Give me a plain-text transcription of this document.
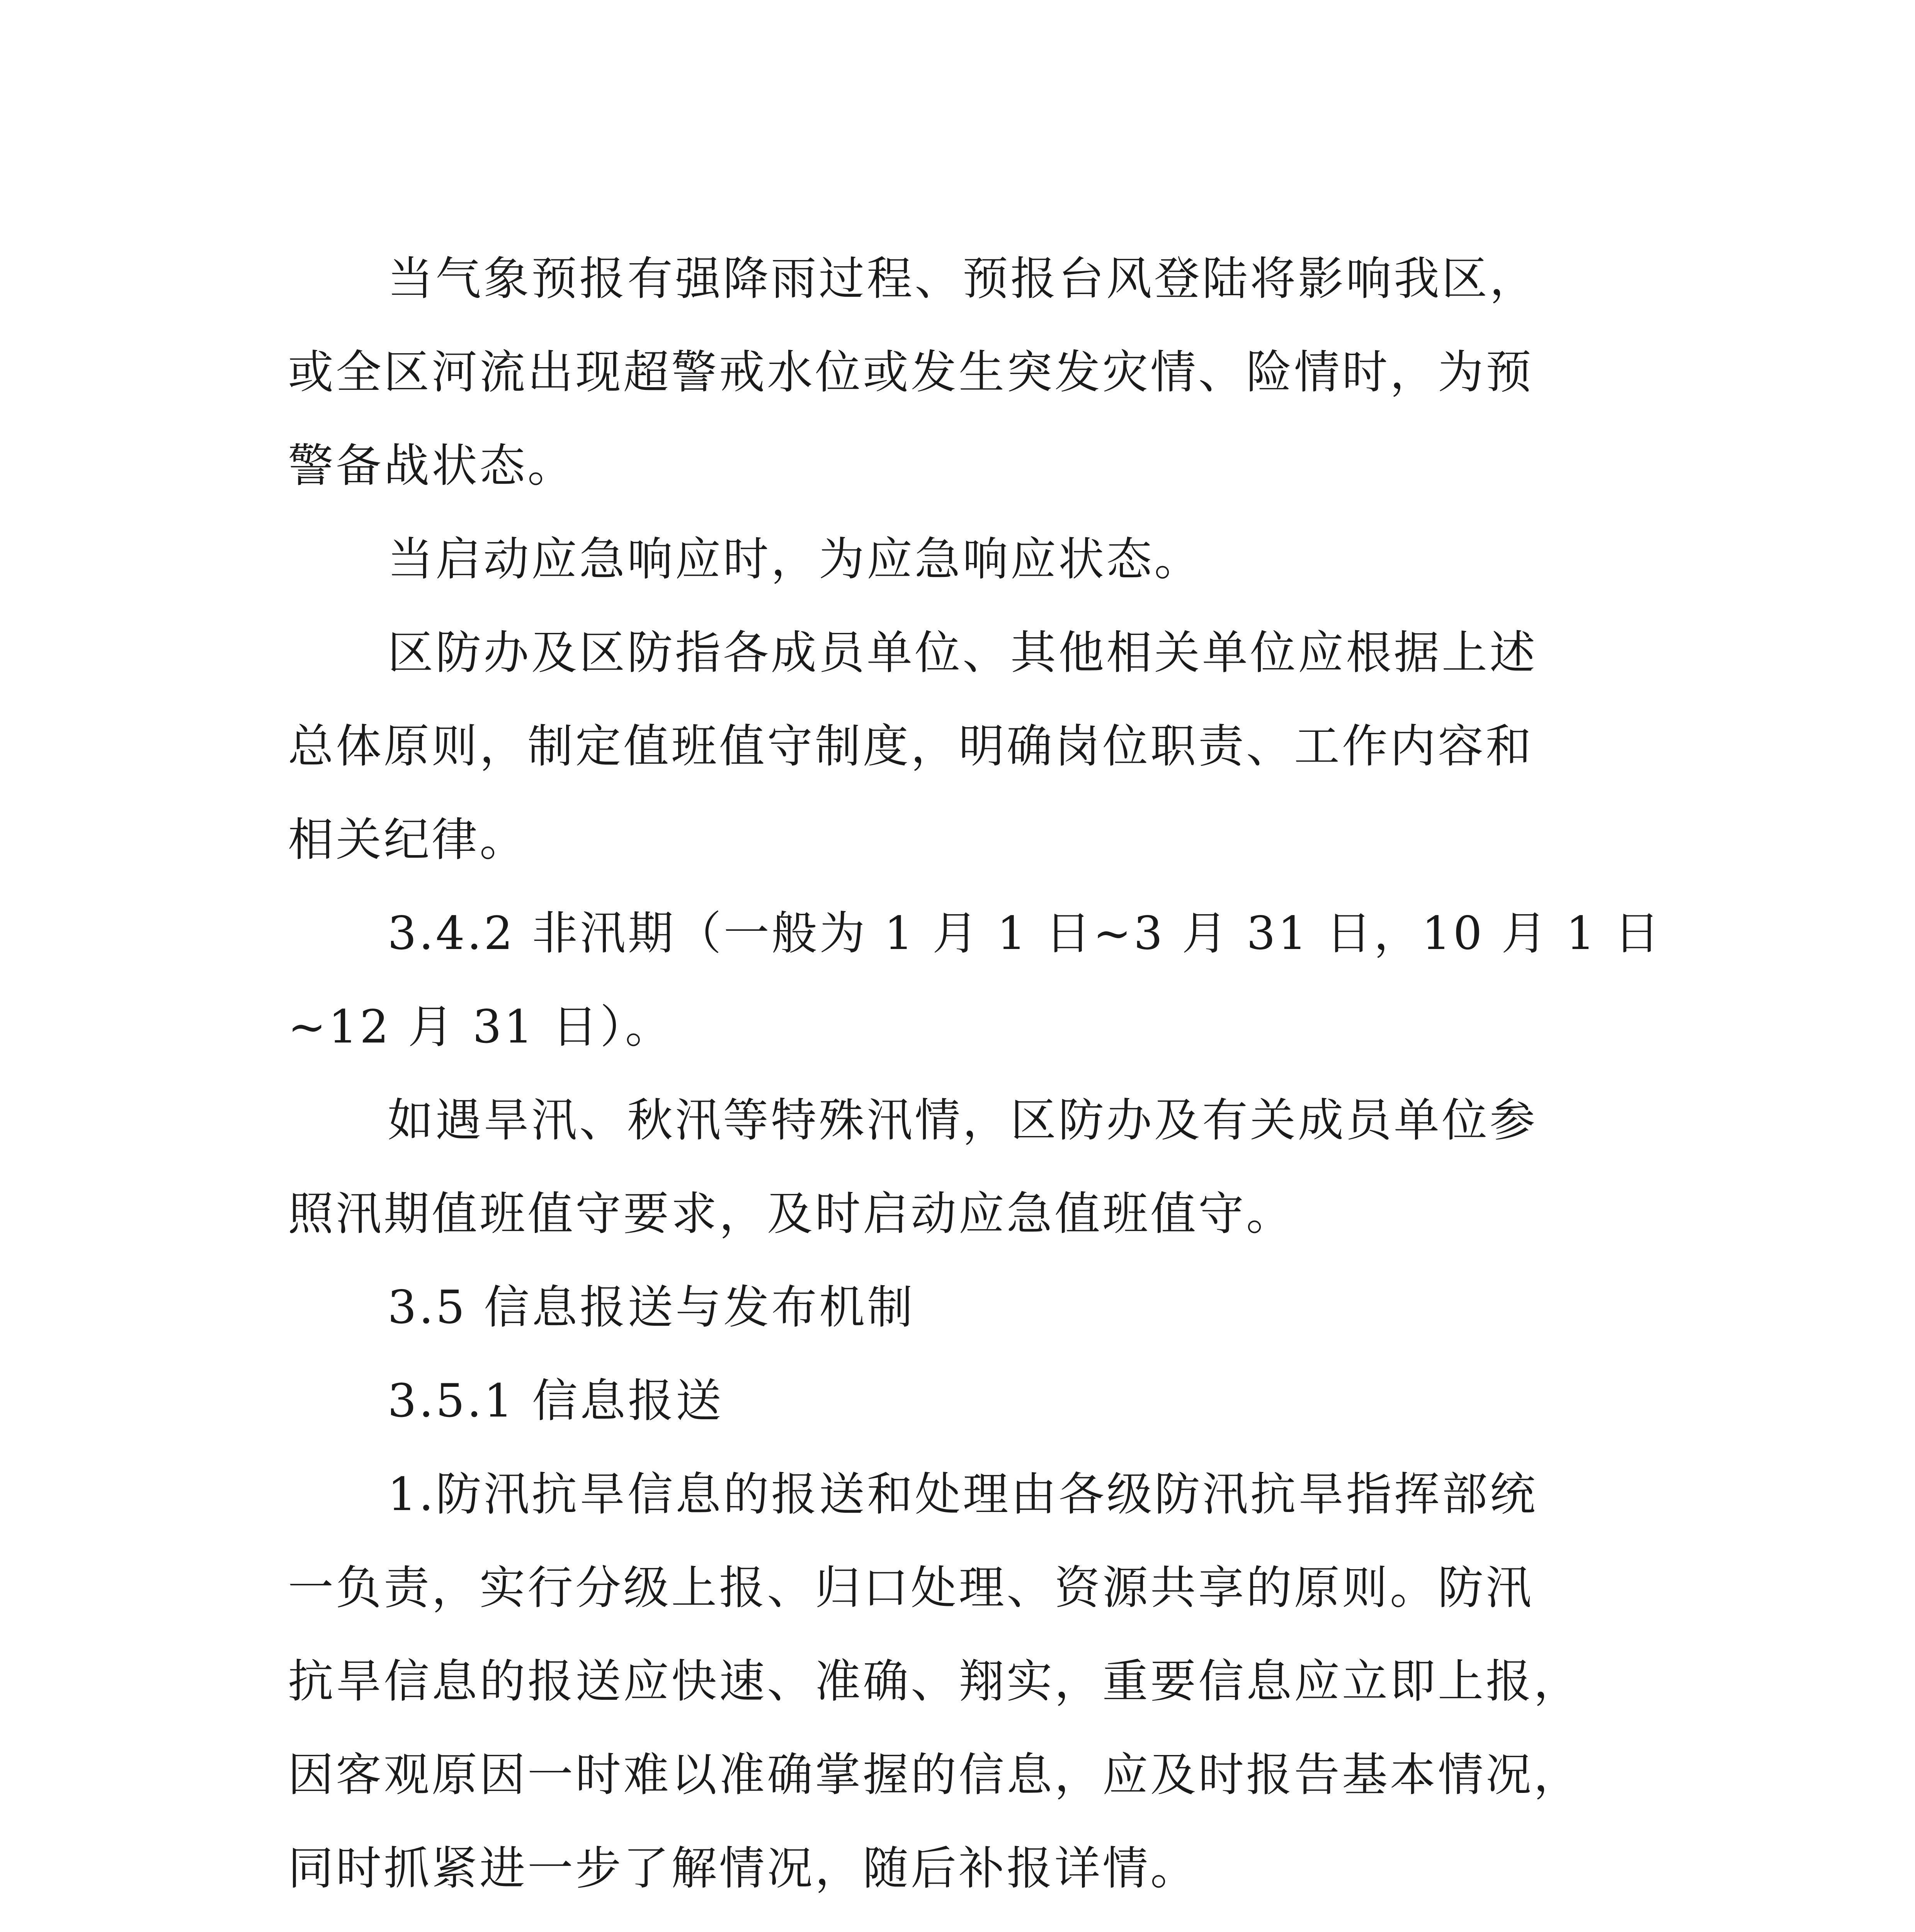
当气象预报有强降雨过程、预报台风登陆将影响我区，
或全区河流出现超警戒水位或发生突发灾情、险情时，为预
警备战状态。

当启动应急响应时，为应急响应状态。

区防办及区防指各成员单位、其他相关单位应根据上述
总体原则，制定值班值守制度，明确岗位职责、工作内容和
相关纪律。

3.4.2 非汛期（一般为 1 月 1 日~3 月 31 日，10 月 1 日
~12 月 31 日）。

如遇旱汛、秋汛等特殊汛情，区防办及有关成员单位参
照汛期值班值守要求，及时启动应急值班值守。

3.5 信息报送与发布机制

3.5.1 信息报送

1.防汛抗旱信息的报送和处理由各级防汛抗旱指挥部统
一负责，实行分级上报、归口处理、资源共享的原则。防汛
抗旱信息的报送应快速、准确、翔实，重要信息应立即上报，
因客观原因一时难以准确掌握的信息，应及时报告基本情况，
同时抓紧进一步了解情况，随后补报详情。
